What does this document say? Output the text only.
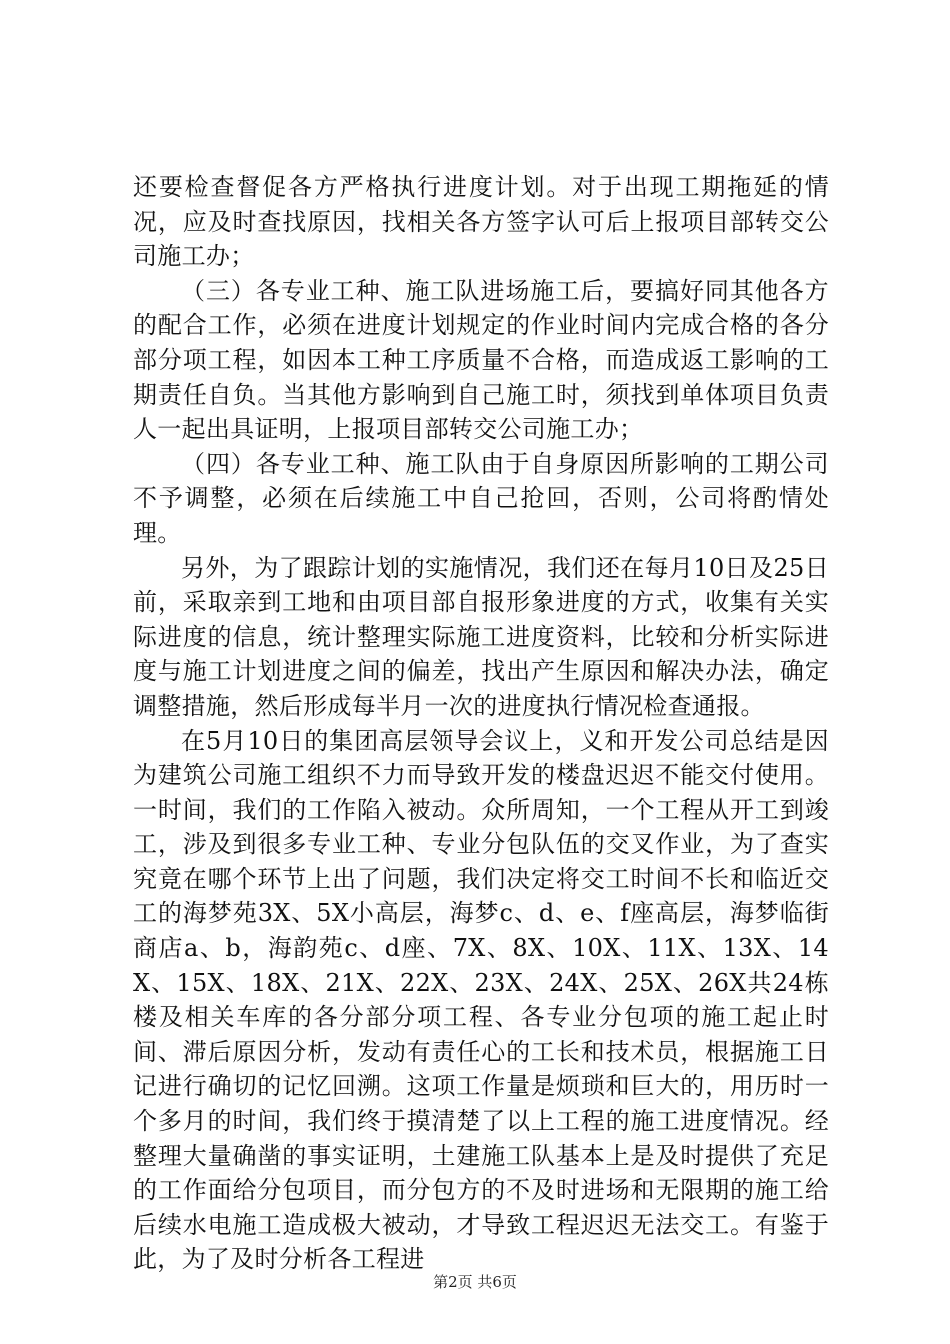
还要检查督促各方严格执行进度计划。对于出现工期拖延的情况，应及时查找原因，找相关各方签字认可后上报项目部转交公司施工办；

（三）各专业工种、施工队进场施工后，要搞好同其他各方的配合工作，必须在进度计划规定的作业时间内完成合格的各分部分项工程，如因本工种工序质量不合格，而造成返工影响的工期责任自负。当其他方影响到自己施工时，须找到单体项目负责人一起出具证明，上报项目部转交公司施工办；

（四）各专业工种、施工队由于自身原因所影响的工期公司不予调整，必须在后续施工中自己抢回，否则，公司将酌情处理。

另外，为了跟踪计划的实施情况，我们还在每月10日及25日前，采取亲到工地和由项目部自报形象进度的方式，收集有关实际进度的信息，统计整理实际施工进度资料，比较和分析实际进度与施工计划进度之间的偏差，找出产生原因和解决办法，确定调整措施，然后形成每半月一次的进度执行情况检查通报。

在5月10日的集团高层领导会议上，义和开发公司总结是因为建筑公司施工组织不力而导致开发的楼盘迟迟不能交付使用。一时间，我们的工作陷入被动。众所周知，一个工程从开工到竣工，涉及到很多专业工种、专业分包队伍的交叉作业，为了查实究竟在哪个环节上出了问题，我们决定将交工时间不长和临近交工的海梦苑3X、5X小高层，海梦c、d、e、f座高层，海梦临街商店a、b，海韵苑c、d座、7X、8X、10X、11X、13X、14X、15X、18X、21X、22X、23X、24X、25X、26X共24栋楼及相关车库的各分部分项工程、各专业分包项的施工起止时间、滞后原因分析，发动有责任心的工长和技术员，根据施工日记进行确切的记忆回溯。这项工作量是烦琐和巨大的，用历时一个多月的时间，我们终于摸清楚了以上工程的施工进度情况。经整理大量确凿的事实证明，土建施工队基本上是及时提供了充足的工作面给分包项目，而分包方的不及时进场和无限期的施工给后续水电施工造成极大被动，才导致工程迟迟无法交工。有鉴于此，为了及时分析各工程进

第2页 共6页
